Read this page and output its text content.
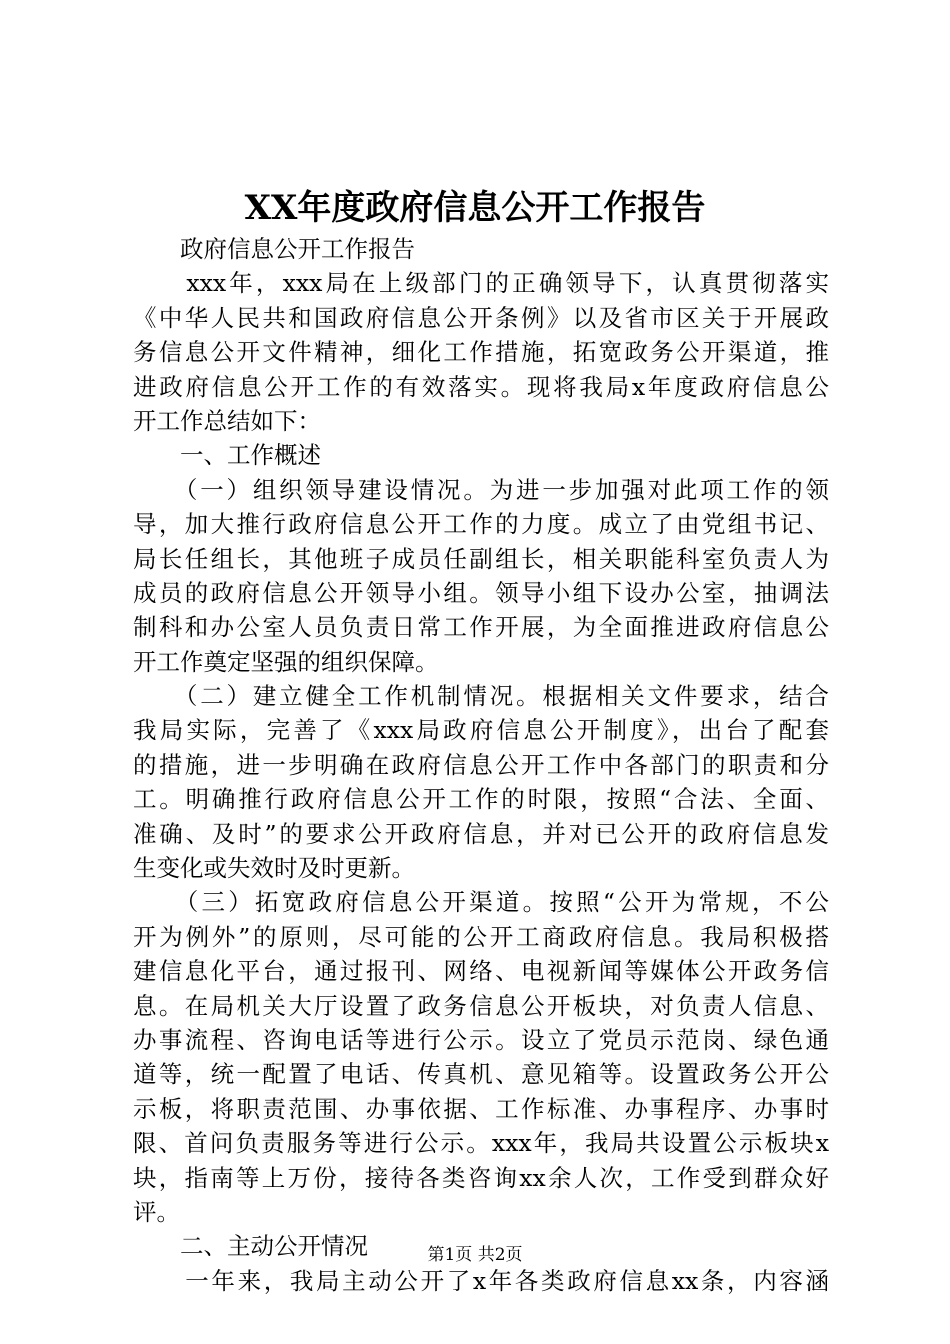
XX年度政府信息公开工作报告
　　政府信息公开工作报告
　　xxx年，xxx局在上级部门的正确领导下，认真贯彻落实
《中华人民共和国政府信息公开条例》以及省市区关于开展政
务信息公开文件精神，细化工作措施，拓宽政务公开渠道，推
进政府信息公开工作的有效落实。现将我局x年度政府信息公
开工作总结如下：
　　一、工作概述
　　（一）组织领导建设情况。为进一步加强对此项工作的领
导，加大推行政府信息公开工作的力度。成立了由党组书记、
局长任组长，其他班子成员任副组长，相关职能科室负责人为
成员的政府信息公开领导小组。领导小组下设办公室，抽调法
制科和办公室人员负责日常工作开展，为全面推进政府信息公
开工作奠定坚强的组织保障。
　　（二）建立健全工作机制情况。根据相关文件要求，结合
我局实际，完善了《xxx局政府信息公开制度》，出台了配套
的措施，进一步明确在政府信息公开工作中各部门的职责和分
工。明确推行政府信息公开工作的时限，按照“合法、全面、
准确、及时”的要求公开政府信息，并对已公开的政府信息发
生变化或失效时及时更新。
　　（三）拓宽政府信息公开渠道。按照“公开为常规，不公
开为例外”的原则，尽可能的公开工商政府信息。我局积极搭
建信息化平台，通过报刊、网络、电视新闻等媒体公开政务信
息。在局机关大厅设置了政务信息公开板块，对负责人信息、
办事流程、咨询电话等进行公示。设立了党员示范岗、绿色通
道等，统一配置了电话、传真机、意见箱等。设置政务公开公
示板，将职责范围、办事依据、工作标准、办事程序、办事时
限、首问负责服务等进行公示。xxx年，我局共设置公示板块x
块，指南等上万份，接待各类咨询xx余人次，工作受到群众好
评。
　　二、主动公开情况
　　一年来，我局主动公开了x年各类政府信息xx条，内容涵
第1页 共2页
